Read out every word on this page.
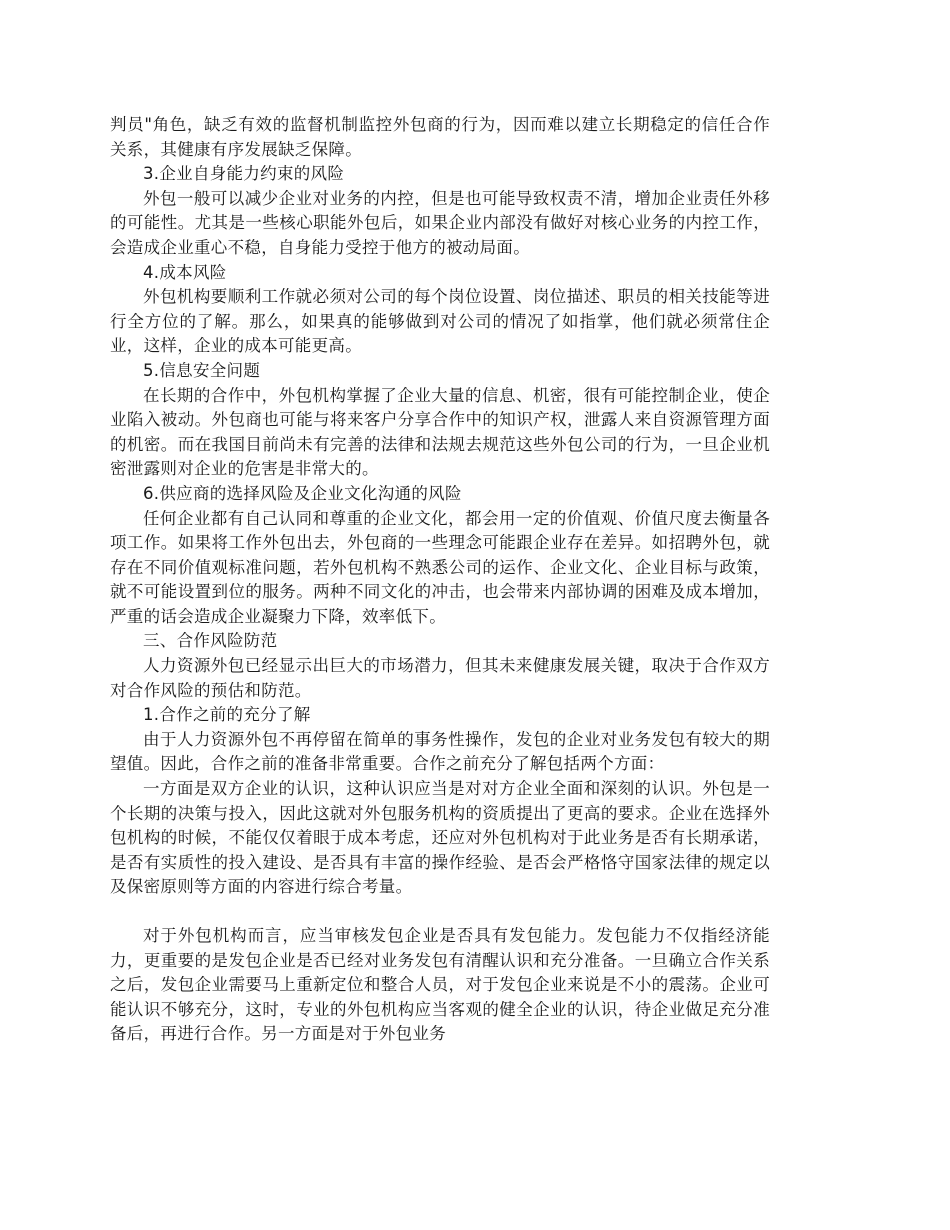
判员"角色，缺乏有效的监督机制监控外包商的行为，因而难以建立长期稳定的信任合作关系，其健康有序发展缺乏保障。

3.企业自身能力约束的风险

外包一般可以减少企业对业务的内控，但是也可能导致权责不清，增加企业责任外移的可能性。尤其是一些核心职能外包后，如果企业内部没有做好对核心业务的内控工作，会造成企业重心不稳，自身能力受控于他方的被动局面。

4.成本风险

外包机构要顺利工作就必须对公司的每个岗位设置、岗位描述、职员的相关技能等进行全方位的了解。那么，如果真的能够做到对公司的情况了如指掌，他们就必须常住企业，这样，企业的成本可能更高。

5.信息安全问题

在长期的合作中，外包机构掌握了企业大量的信息、机密，很有可能控制企业，使企业陷入被动。外包商也可能与将来客户分享合作中的知识产权，泄露人来自资源管理方面的机密。而在我国目前尚未有完善的法律和法规去规范这些外包公司的行为，一旦企业机密泄露则对企业的危害是非常大的。

6.供应商的选择风险及企业文化沟通的风险

任何企业都有自己认同和尊重的企业文化，都会用一定的价值观、价值尺度去衡量各项工作。如果将工作外包出去，外包商的一些理念可能跟企业存在差异。如招聘外包，就存在不同价值观标准问题，若外包机构不熟悉公司的运作、企业文化、企业目标与政策，就不可能设置到位的服务。两种不同文化的冲击，也会带来内部协调的困难及成本增加，严重的话会造成企业凝聚力下降，效率低下。

三、合作风险防范

人力资源外包已经显示出巨大的市场潜力，但其未来健康发展关键，取决于合作双方对合作风险的预估和防范。

1.合作之前的充分了解

由于人力资源外包不再停留在简单的事务性操作，发包的企业对业务发包有较大的期望值。因此，合作之前的准备非常重要。合作之前充分了解包括两个方面：

一方面是双方企业的认识，这种认识应当是对对方企业全面和深刻的认识。外包是一个长期的决策与投入，因此这就对外包服务机构的资质提出了更高的要求。企业在选择外包机构的时候，不能仅仅着眼于成本考虑，还应对外包机构对于此业务是否有长期承诺，是否有实质性的投入建设、是否具有丰富的操作经验、是否会严格恪守国家法律的规定以及保密原则等方面的内容进行综合考量。

对于外包机构而言，应当审核发包企业是否具有发包能力。发包能力不仅指经济能力，更重要的是发包企业是否已经对业务发包有清醒认识和充分准备。一旦确立合作关系之后，发包企业需要马上重新定位和整合人员，对于发包企业来说是不小的震荡。企业可能认识不够充分，这时，专业的外包机构应当客观的健全企业的认识，待企业做足充分准备后，再进行合作。另一方面是对于外包业务
